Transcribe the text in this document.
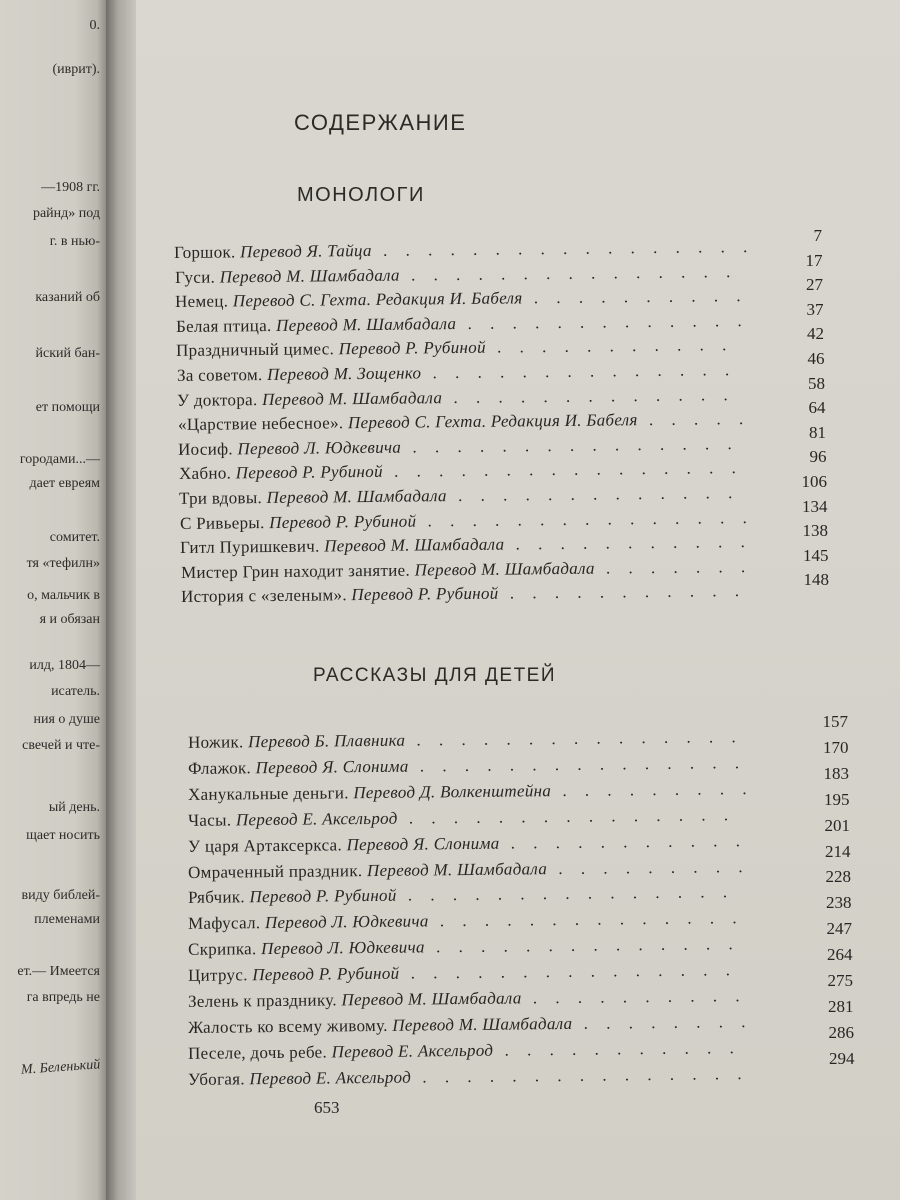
0.
(иврит).
—1908 гг.
райнд» под
г. в нью-
казаний об
йский бан-
ет помощи
городами...—
дает евреям
сомитет.
тя «тефилн»
о, мальчик в
я и обязан
илд, 1804—
исатель.
ния о душе
свечей и чте-
ый день.
щает носить
виду библей-
племенами
ет.— Имеется
га впредь не
М. Беленький
СОДЕРЖАНИЕ
МОНОЛОГИ
РАССКАЗЫ ДЛЯ ДЕТЕЙ
Горшок. Перевод Я. Тайца . . . . . . . . . . . . . . . . .
7
Гуси. Перевод М. Шамбадала . . . . . . . . . . . . . . .
17
Немец. Перевод С. Гехта. Редакция И. Бабеля . . . . . . . . . .
27
Белая птица. Перевод М. Шамбадала . . . . . . . . . . . . .
37
Праздничный цимес. Перевод Р. Рубиной . . . . . . . . . . .
42
За советом. Перевод М. Зощенко . . . . . . . . . . . . . .
46
У доктора. Перевод М. Шамбадала . . . . . . . . . . . . .
58
«Царствие небесное». Перевод С. Гехта. Редакция И. Бабеля . . . . .
64
Иосиф. Перевод Л. Юдкевича . . . . . . . . . . . . . . .
81
Хабно. Перевод Р. Рубиной . . . . . . . . . . . . . . . .
96
Три вдовы. Перевод М. Шамбадала . . . . . . . . . . . . .
106
С Ривьеры. Перевод Р. Рубиной . . . . . . . . . . . . . . .
134
Гитл Пуришкевич. Перевод М. Шамбадала . . . . . . . . . . .
138
Мистер Грин находит занятие. Перевод М. Шамбадала . . . . . . .
145
История с «зеленым». Перевод Р. Рубиной . . . . . . . . . . .
148
Ножик. Перевод Б. Плавника . . . . . . . . . . . . . . .
157
Флажок. Перевод Я. Слонима . . . . . . . . . . . . . . .
170
Ханукальные деньги. Перевод Д. Волкенштейна . . . . . . . . .
183
Часы. Перевод Е. Аксельрод . . . . . . . . . . . . . . .
195
У царя Артаксеркса. Перевод Я. Слонима . . . . . . . . . . .
201
Омраченный праздник. Перевод М. Шамбадала . . . . . . . . .
214
Рябчик. Перевод Р. Рубиной . . . . . . . . . . . . . . .
228
Мафусал. Перевод Л. Юдкевича . . . . . . . . . . . . . .
238
Скрипка. Перевод Л. Юдкевича . . . . . . . . . . . . . .
247
Цитрус. Перевод Р. Рубиной . . . . . . . . . . . . . . .
264
Зелень к празднику. Перевод М. Шамбадала . . . . . . . . . .
275
Жалость ко всему живому. Перевод М. Шамбадала . . . . . . . .
281
Песеле, дочь ребе. Перевод Е. Аксельрод . . . . . . . . . . .
286
Убогая. Перевод Е. Аксельрод . . . . . . . . . . . . . . .
294
653
